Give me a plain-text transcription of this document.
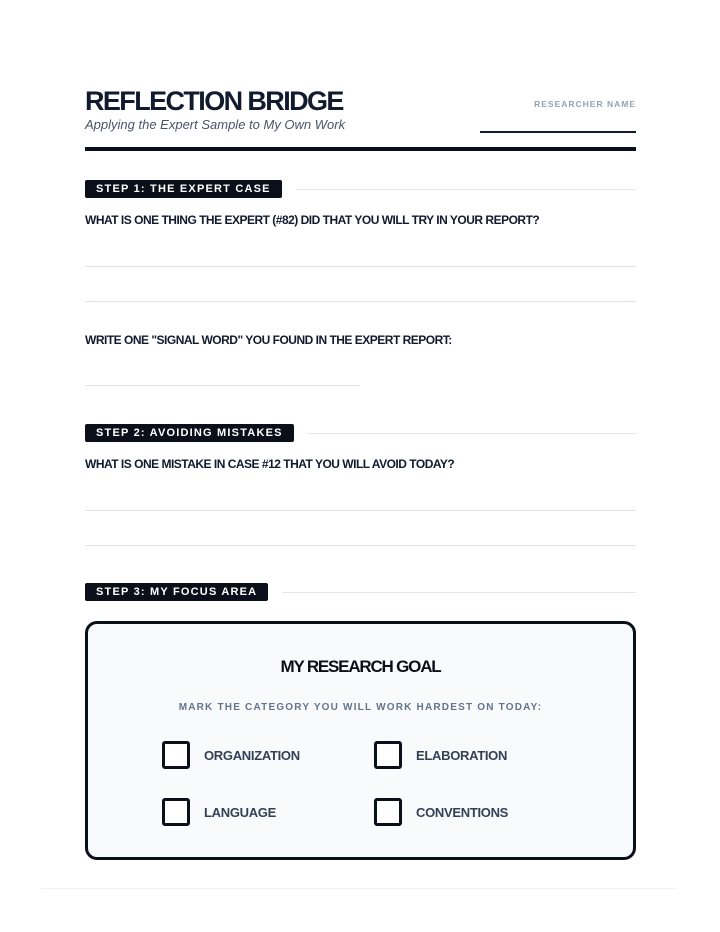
REFLECTION BRIDGE
Applying the Expert Sample to My Own Work
RESEARCHER NAME
STEP 1: THE EXPERT CASE

WHAT IS ONE THING THE EXPERT (#82) DID THAT YOU WILL TRY IN YOUR REPORT?

WRITE ONE "SIGNAL WORD" YOU FOUND IN THE EXPERT REPORT:

STEP 2: AVOIDING MISTAKES

WHAT IS ONE MISTAKE IN CASE #12 THAT YOU WILL AVOID TODAY?

STEP 3: MY FOCUS AREA
MY RESEARCH GOAL
MARK THE CATEGORY YOU WILL WORK HARDEST ON TODAY:
ORGANIZATION	ELABORATION
LANGUAGE	CONVENTIONS
